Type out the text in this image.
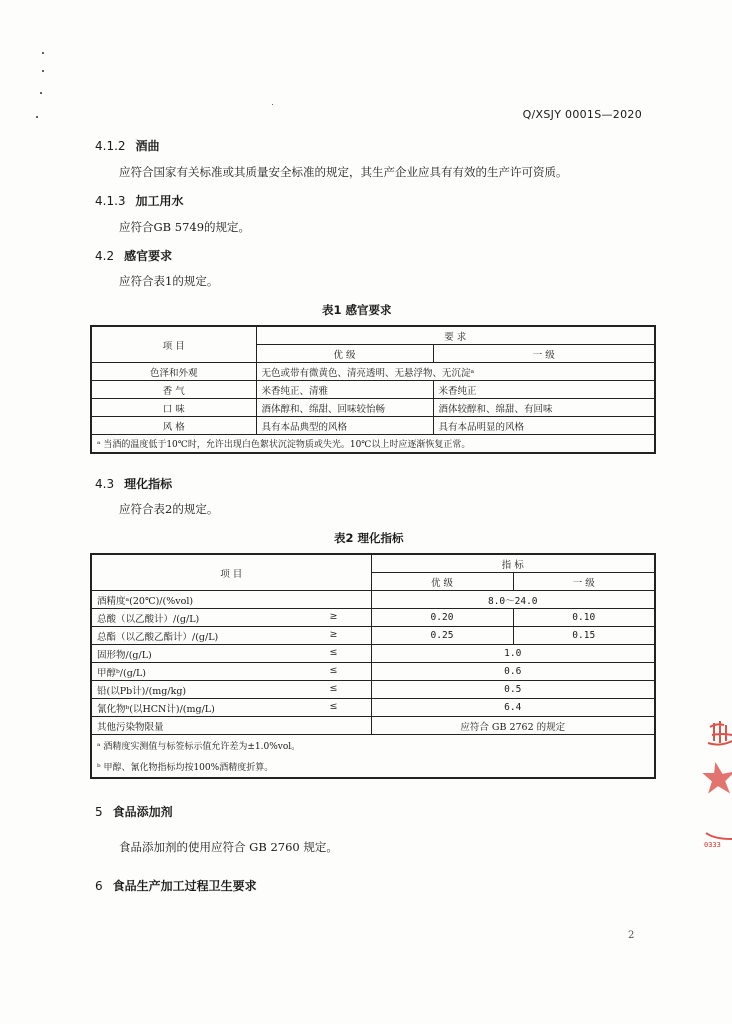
Q/XSJY 0001S—2020
4.1.2 酒曲
应符合国家有关标准或其质量安全标准的规定，其生产企业应具有有效的生产许可资质。
4.1.3 加工用水
应符合GB 5749的规定。
4.2 感官要求
应符合表1的规定。
表1 感官要求
项 目	要 求	
	优 级	一 级
色泽和外观	无色或带有微黄色、清亮透明、无悬浮物、无沉淀ᵃ	
香 气	米香纯正、清雅	米香纯正
口 味	酒体醇和、绵甜、回味较怡畅	酒体较醇和、绵甜、有回味
风 格	具有本品典型的风格	具有本品明显的风格
ᵃ 当酒的温度低于10℃时，允许出现白色絮状沉淀物质或失光。10℃以上时应逐渐恢复正常。		
4.3 理化指标
应符合表2的规定。
表2 理化指标
项 目	指 标	
	优 级	一 级
酒精度ᵃ(20℃)/(%vol)	8.0～24.0	
总酸（以乙酸计）/(g/L) ≥	0.20	0.10
总酯（以乙酸乙酯计）/(g/L) ≥	0.25	0.15
固形物/(g/L) ≤	1.0	
甲醇ᵇ/(g/L) ≤	0.6	
铅(以Pb计)/(mg/kg) ≤	0.5	
氰化物ᵇ(以HCN计)/(mg/L) ≤	6.4	
其他污染物限量	应符合 GB 2762 的规定	
ᵃ 酒精度实测值与标签标示值允许差为±1.0%vol。		
ᵇ 甲醇、氰化物指标均按100%酒精度折算。		
5 食品添加剂
食品添加剂的使用应符合 GB 2760 规定。
6 食品生产加工过程卫生要求
2
0333
